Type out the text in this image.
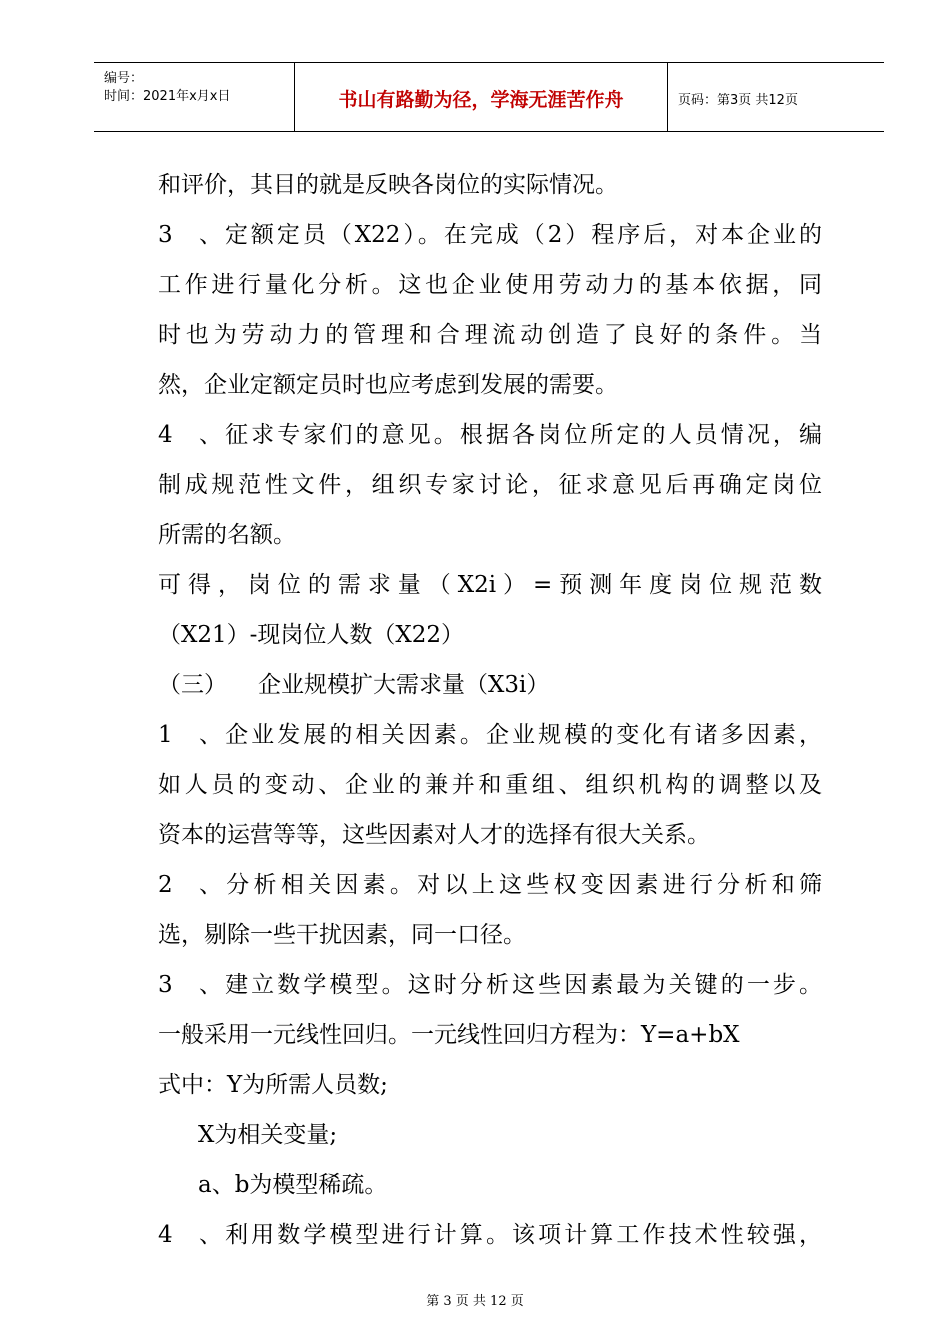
编号：
时间：2021年x月x日	书山有路勤为径，学海无涯苦作舟	页码：第3页 共12页
和评价，其目的就是反映各岗位的实际情况。
3、定额定员（X22）。在完成（2）程序后，对本企业的
工作进行量化分析。这也企业使用劳动力的基本依据，同
时也为劳动力的管理和合理流动创造了良好的条件。当
然，企业定额定员时也应考虑到发展的需要。
4、征求专家们的意见。根据各岗位所定的人员情况，编
制成规范性文件，组织专家讨论，征求意见后再确定岗位
所需的名额。
可得，岗位的需求量（X2i）=预测年度岗位规范数
（X21）-现岗位人数（X22）
（三） 企业规模扩大需求量（X3i）
1、企业发展的相关因素。企业规模的变化有诸多因素，
如人员的变动、企业的兼并和重组、组织机构的调整以及
资本的运营等等，这些因素对人才的选择有很大关系。
2、分析相关因素。对以上这些权变因素进行分析和筛
选，剔除一些干扰因素，同一口径。
3、建立数学模型。这时分析这些因素最为关键的一步。
一般采用一元线性回归。一元线性回归方程为：Y=a+bX
式中：Y为所需人员数;
X为相关变量;
a、b为模型稀疏。
4、利用数学模型进行计算。该项计算工作技术性较强，
第 3 页 共 12 页
